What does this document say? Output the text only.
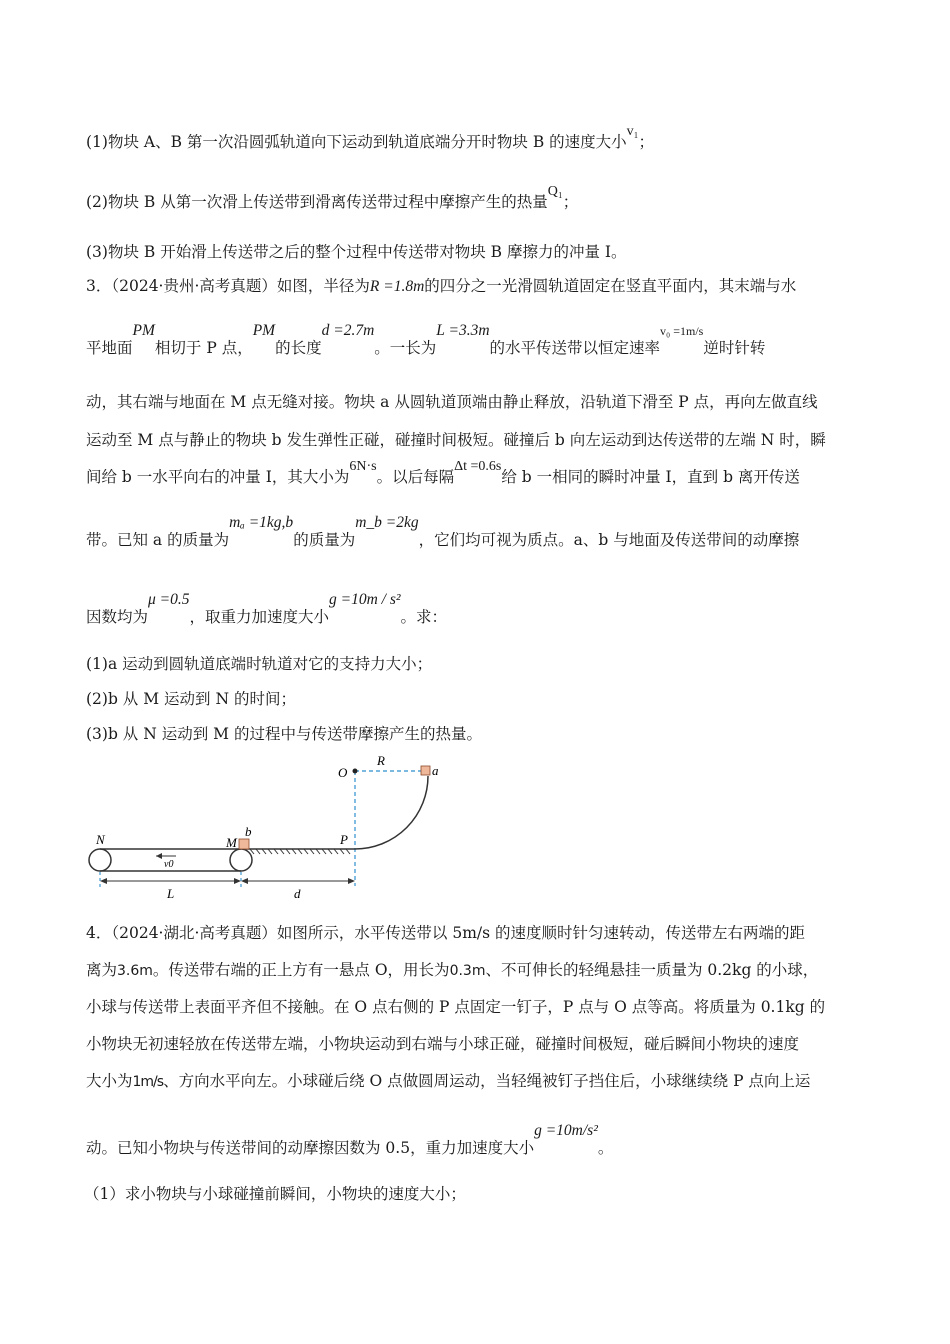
(1)物块 A、B 第一次沿圆弧轨道向下运动到轨道底端分开时物块 B 的速度大小v₁；
(2)物块 B 从第一次滑上传送带到滑离传送带过程中摩擦产生的热量Q₁；
(3)物块 B 开始滑上传送带之后的整个过程中传送带对物块 B 摩擦力的冲量 I。
3．（2024·贵州·高考真题）如图，半径为R =1.8m的四分之一光滑圆轨道固定在竖直平面内，其末端与水
平地面PM相切于 P 点，PM的长度d =2.7m。一长为L =3.3m的水平传送带以恒定速率$^{v_0 =1m/s}$逆时针转
动，其右端与地面在 M 点无缝对接。物块 a 从圆轨道顶端由静止释放，沿轨道下滑至 P 点，再向左做直线
运动至 M 点与静止的物块 b 发生弹性正碰，碰撞时间极短。碰撞后 b 向左运动到达传送带的左端 N 时，瞬
间给 b 一水平向右的冲量 I，其大小为6N·s。以后每隔Δt =0.6s给 b 一相同的瞬时冲量 I，直到 b 离开传送
带。已知 a 的质量为mₐ =1kg,b的质量为m_b =2kg，它们均可视为质点。a、b 与地面及传送带间的动摩擦
因数均为μ =0.5，取重力加速度大小g =10m / s²。求：
(1)a 运动到圆轨道底端时轨道对它的支持力大小；
(2)b 从 M 运动到 N 的时间；
(3)b 从 N 运动到 M 的过程中与传送带摩擦产生的热量。
O
R
a
N	M
b
P
v0
L	d
4．（2024·湖北·高考真题）如图所示，水平传送带以 5m/s 的速度顺时针匀速转动，传送带左右两端的距
离为3.6m。传送带右端的正上方有一悬点 O，用长为0.3m、不可伸长的轻绳悬挂一质量为 0.2kg 的小球，
小球与传送带上表面平齐但不接触。在 O 点右侧的 P 点固定一钉子，P 点与 O 点等高。将质量为 0.1kg 的
小物块无初速轻放在传送带左端，小物块运动到右端与小球正碰，碰撞时间极短，碰后瞬间小物块的速度
大小为1m/s、方向水平向左。小球碰后绕 O 点做圆周运动，当轻绳被钉子挡住后，小球继续绕 P 点向上运
动。已知小物块与传送带间的动摩擦因数为 0.5，重力加速度大小g =10m/s²。
（1）求小物块与小球碰撞前瞬间，小物块的速度大小；
